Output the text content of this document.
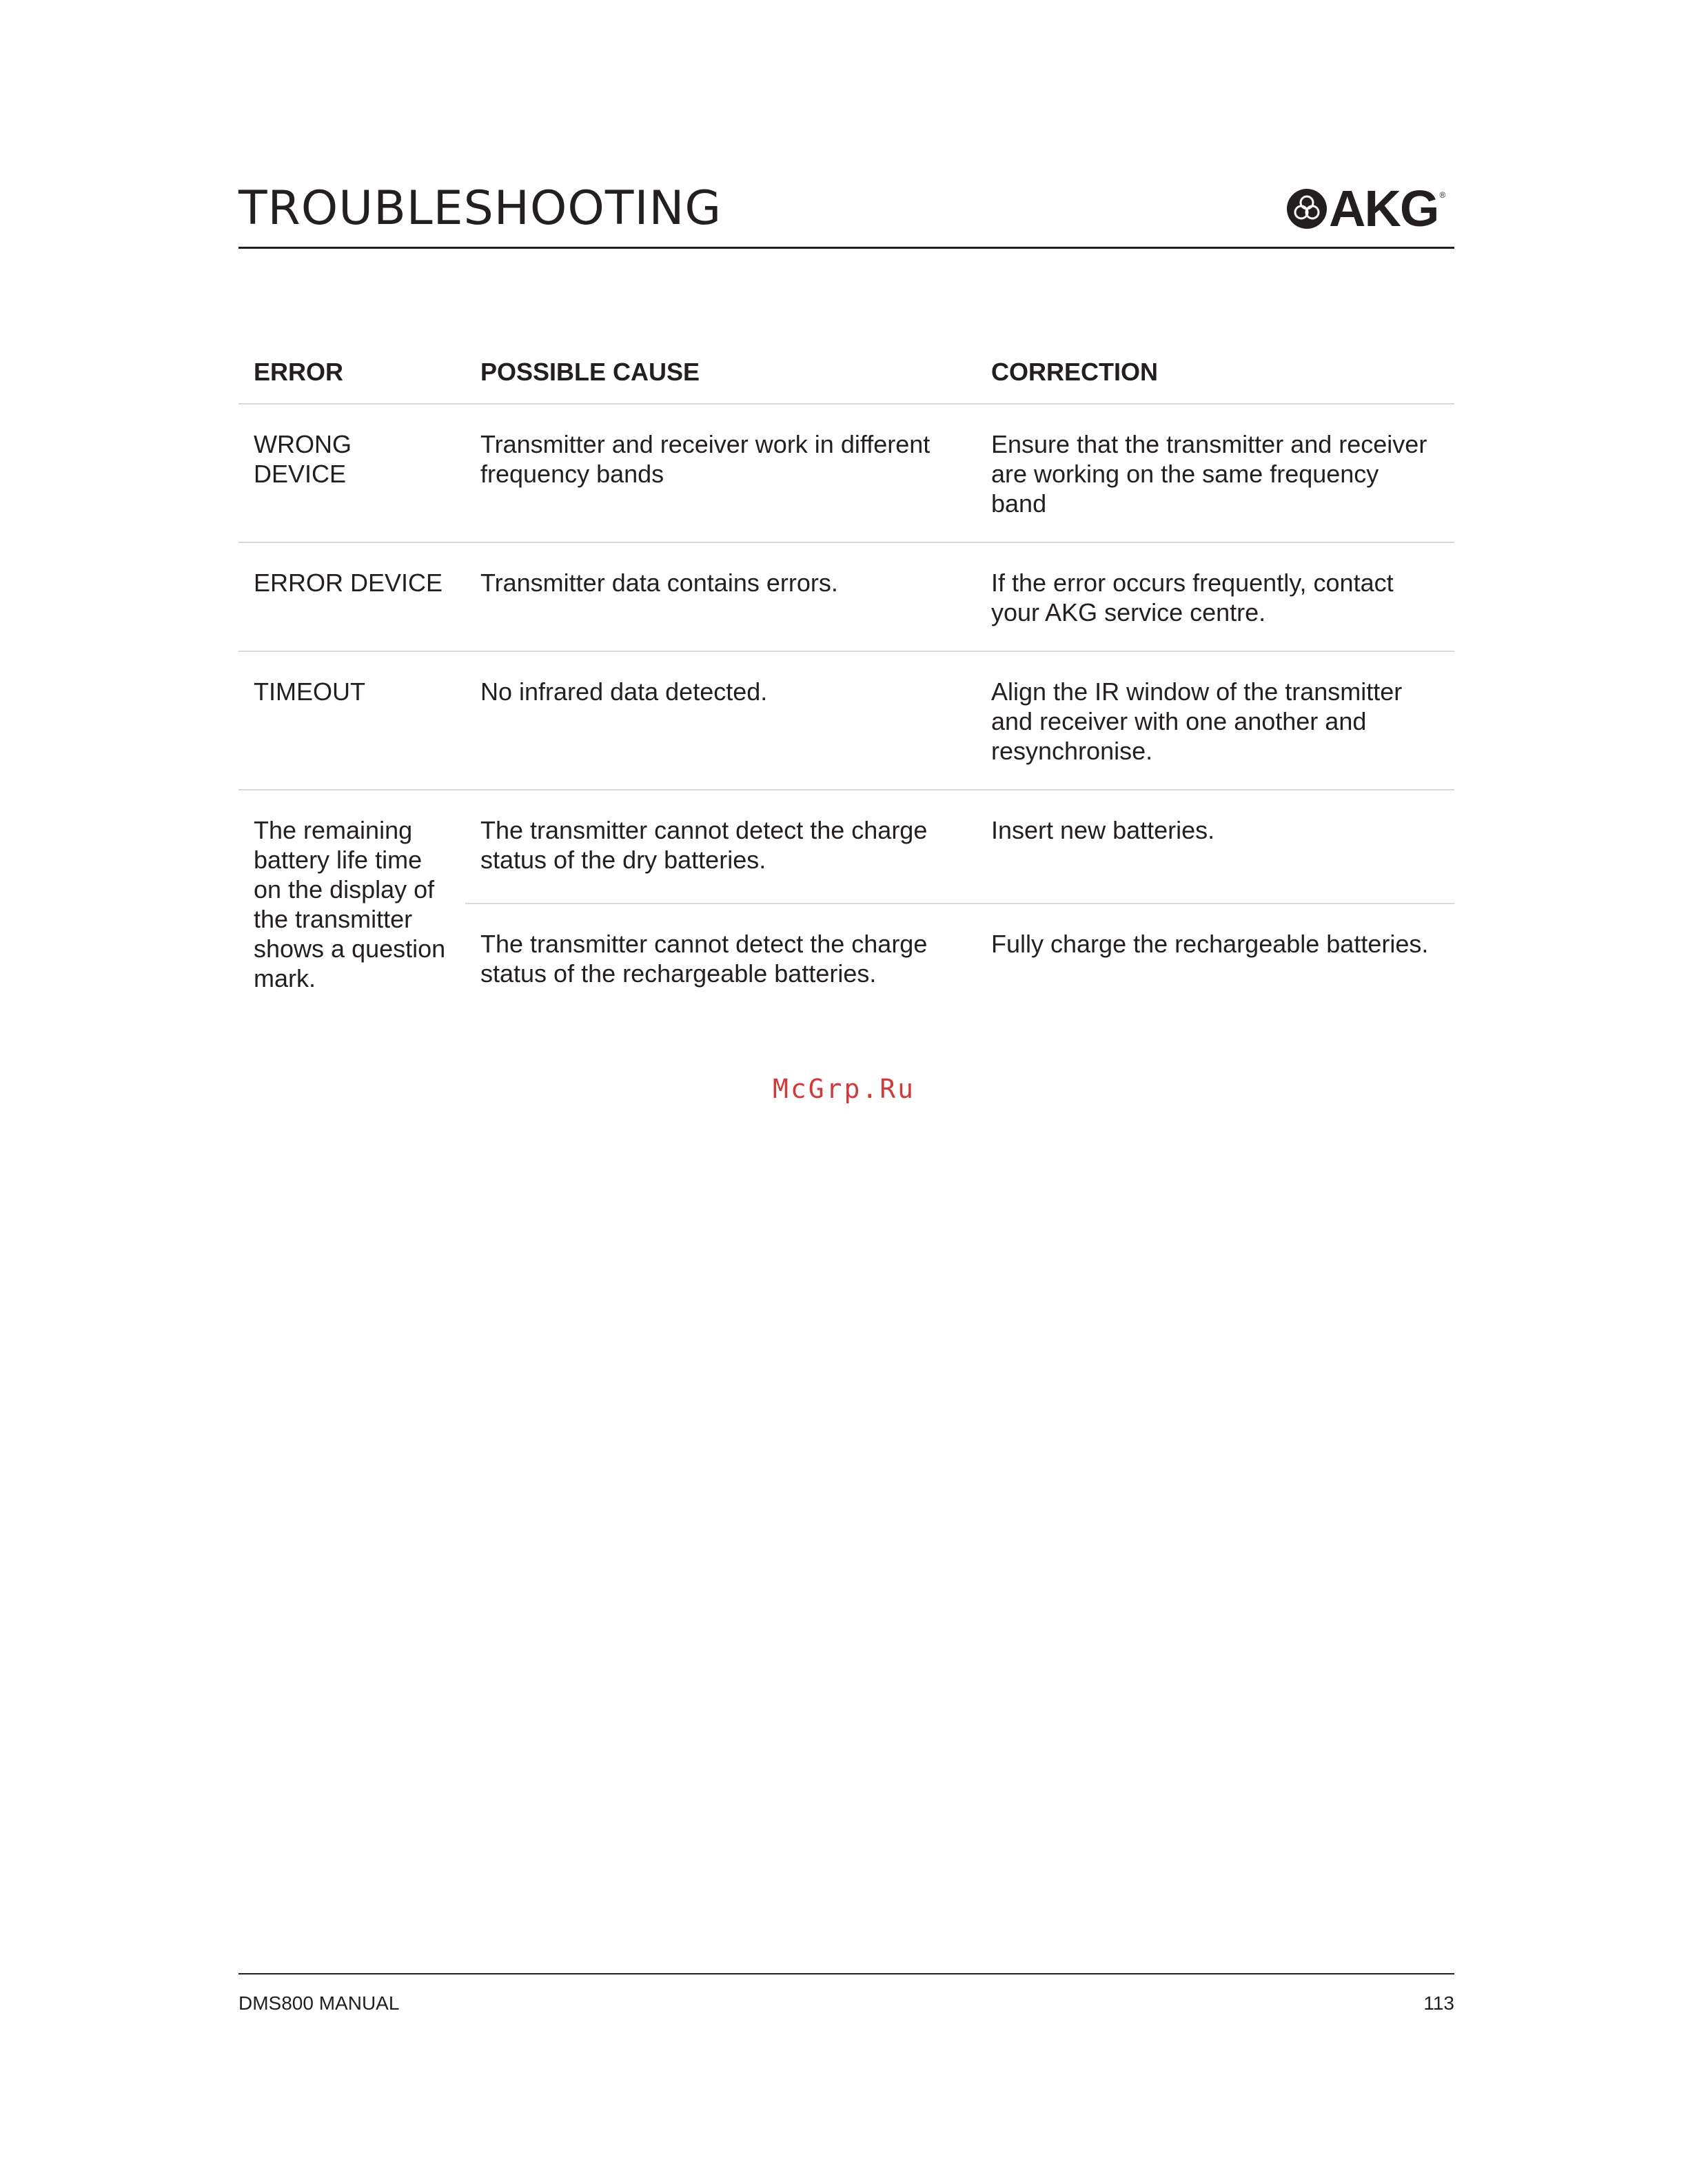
TROUBLESHOOTING	AKG ®
ERROR	POSSIBLE CAUSE	CORRECTION
WRONG DEVICE	Transmitter and receiver work in different frequency bands	Ensure that the transmitter and receiver are working on the same frequency band
ERROR DEVICE	Transmitter data contains errors.	If the error occurs frequently, contact your AKG service centre.
TIMEOUT	No infrared data detected.	Align the IR window of the transmitter and receiver with one another and resynchronise.
The remaining battery life time on the display of the transmitter shows a question mark.	The transmitter cannot detect the charge status of the dry batteries.	Insert new batteries.
	The transmitter cannot detect the charge status of the rechargeable batteries.	Fully charge the rechargeable batteries.
McGrp.Ru
DMS800 MANUAL	113
